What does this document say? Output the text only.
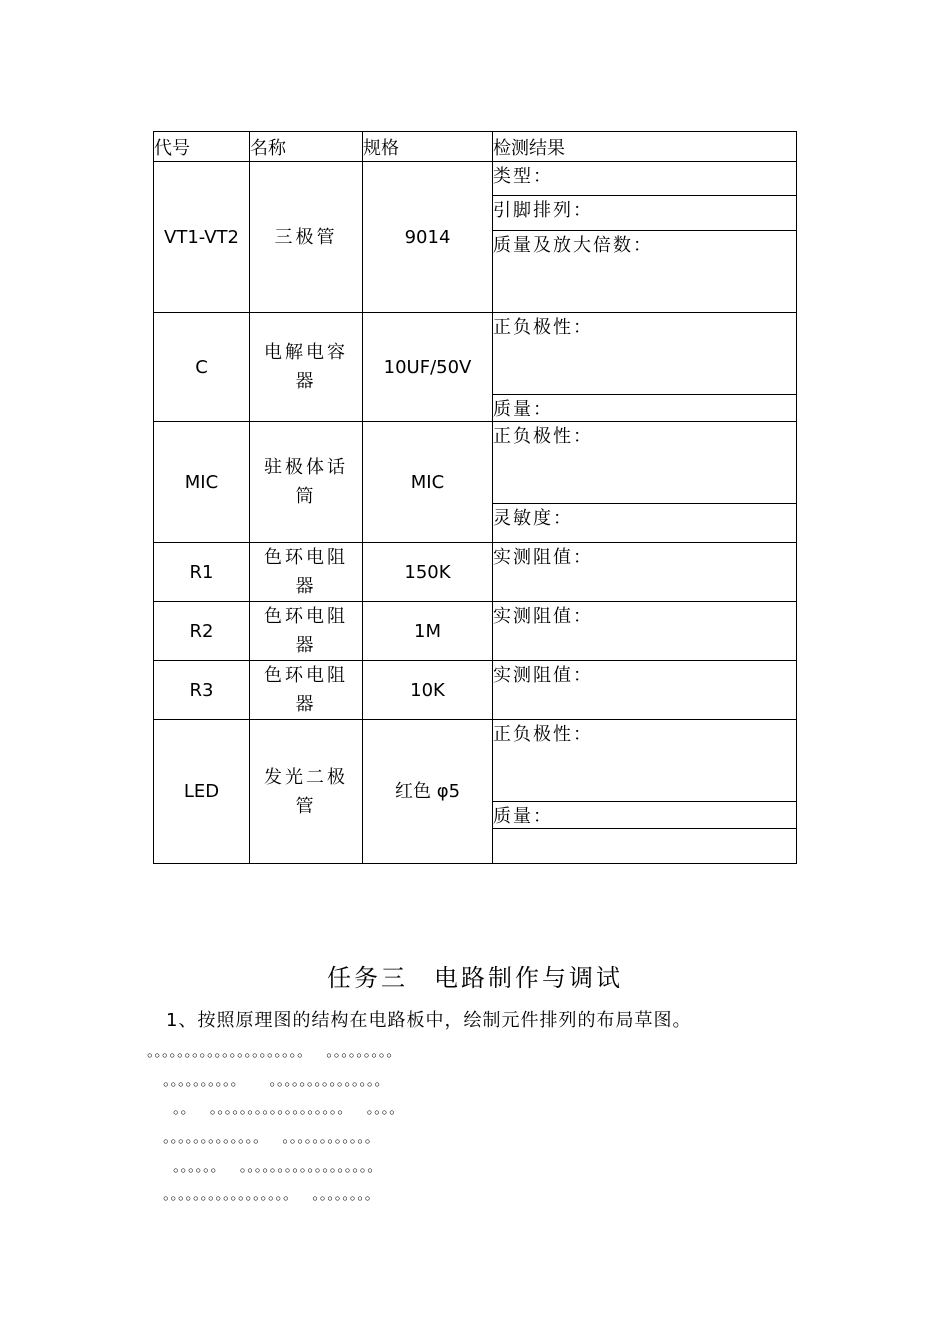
代号	名称	规格	检测结果
VT1-VT2	三极管	9014	类型：
			引脚排列：
			质量及放大倍数：
C	电解电容器	10UF/50V	正负极性：
			质量：
MIC	驻极体话筒	MIC	正负极性：
			灵敏度：
R1	色环电阻器	150K	实测阻值：
R2	色环电阻器	1M	实测阻值：
R3	色环电阻器	10K	实测阻值：
LED	发光二极管	红色 φ5	正负极性：
			质量：

任务三 电路制作与调试
1、按照原理图的结构在电路板中，绘制元件排列的布局草图。
。。。。。。。。。。。。。。。。。。。。。   。。。。。。。。。
。。。。。。。。。。     。。。。。。。。。。。。。。。
。。   。。。。。。。。。。。。。。。。。。   。。。。
。。。。。。。。。。。。。   。。。。。。。。。。。。
。。。。。。   。。。。。。。。。。。。。。。。。。
。。。。。。。。。。。。。。。。。   。。。。。。。。
